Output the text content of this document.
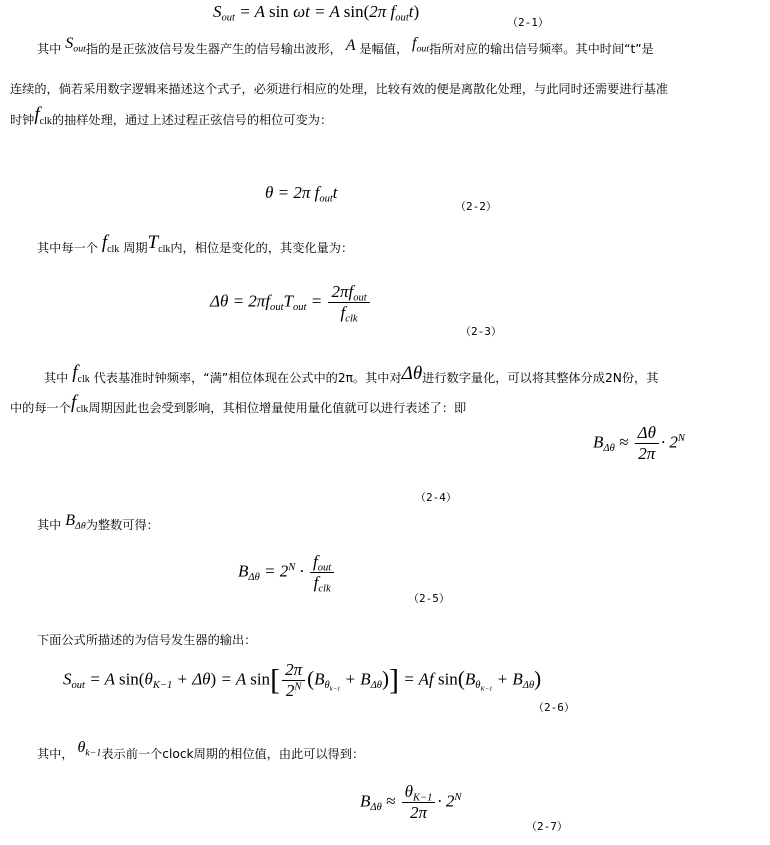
$S_{out} = A$ sin ωt = A sin(2π $f_{out}t$)
（2-1）
其中 $S_{out}$指的是正弦波信号发生器产生的信号输出波形， A 是幅值， $f_{out}$指所对应的输出信号频率。其中时间“t”是
连续的，倘若采用数字逻辑来描述这个式子，必须进行相应的处理，比较有效的便是离散化处理，与此同时还需要进行基准
时钟fclk的抽样处理，通过上述过程正弦信号的相位可变为：
θ = 2π $f_{out}t$
（2-2）
其中每一个 fclk 周期Tclk内，相位是变化的，其变化量为：
$\Delta\theta = 2\pi f_{out}T_{out} = \frac{2\pi f_{out}}{f_{clk}}$
（2-3）
其中 fclk 代表基准时钟频率，“满”相位体现在公式中的2π。其中对Δθ进行数字量化，可以将其整体分成2N份，其
中的每一个fclk周期因此也会受到影响，其相位增量使用量化值就可以进行表述了：即
$B_{\Delta\theta} \approx \frac{\Delta\theta}{2\pi} \cdot 2^N$
（2-4）
其中 $B_{\Delta\theta}$为整数可得：
$B_{\Delta\theta} = 2^N \cdot \frac{f_{out}}{f_{clk}}$
（2-5）
下面公式所描述的为信号发生器的输出：
$S_{out} = A$ $\sin(\theta_{K-1} + \Delta\theta) = A$ $\sin[ \frac{2\pi}{2^N} (B_{\theta_{k-1}} + B_{\Delta\theta})] = Af$ $\sin(B_{\theta_{K-1}} + B_{\Delta\theta})$
（2-6）
其中， $\theta_{k-1}$表示前一个clock周期的相位值，由此可以得到：
$B_{\Delta\theta} \approx \frac{\theta_{K-1}}{2\pi} \cdot 2^N$
（2-7）
